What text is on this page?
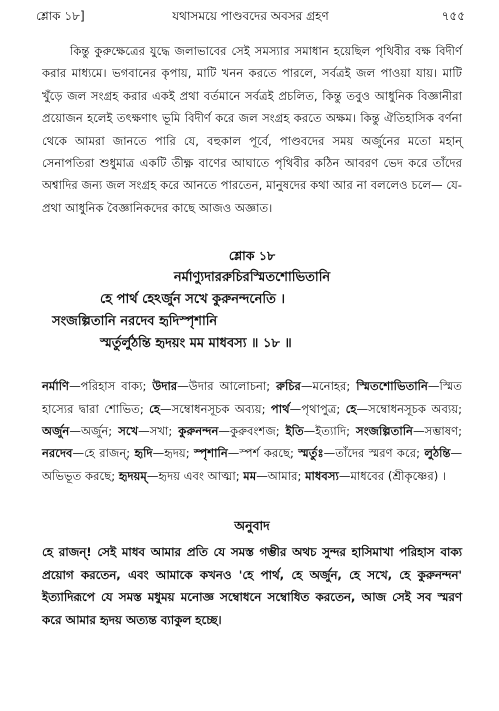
শ্লোক ১৮]	যথাসময়ে পাণ্ডবদের অবসর গ্রহণ	৭৫৫

কিন্তু কুরুক্ষেত্রের যুদ্ধে জলাভাবের সেই সমস্যার সমাধান হয়েছিল পৃথিবীর বক্ষ বিদীর্ণ করার মাধ্যমে। ভগবানের কৃপায়, মাটি খনন করতে পারলে, সর্বত্রই জল পাওয়া যায়। মাটি খুঁড়ে জল সংগ্রহ করার একই প্রথা বর্তমানে সর্বত্রই প্রচলিত, কিন্তু তবুও আধুনিক বিজ্ঞানীরা প্রয়োজন হলেই তৎক্ষণাৎ ভূমি বিদীর্ণ করে জল সংগ্রহ করতে অক্ষম। কিন্তু ঐতিহাসিক বর্ণনা থেকে আমরা জানতে পারি যে, বহুকাল পূর্বে, পাণ্ডবদের সময় অর্জুনের মতো মহান্‌ সেনাপতিরা শুধুমাত্র একটি তীক্ষ্ণ বাণের আঘাতে পৃথিবীর কঠিন আবরণ ভেদ করে তাঁদের অশ্বাদির জন্য জল সংগ্রহ করে আনতে পারতেন, মানুষদের কথা আর না বললেও চলে— যে-প্রথা আধুনিক বৈজ্ঞানিকদের কাছে আজও অজ্ঞাত।

শ্লোক ১৮
নর্মাণ্যুদাররুচিরস্মিতশোভিতানি
হে পার্থ হেঽর্জুন সখে কুরুনন্দনেতি ।
সংজল্পিতানি নরদেব হৃদিস্পৃশানি
স্মর্তুর্লুঠন্তি হৃদয়ং মম মাধবস্য ॥ ১৮ ॥

নর্মাণি—পরিহাস বাক্য; উদার—উদার আলোচনা; রুচির—মনোহর; স্মিতশোভিতানি—স্মিত হাস্যের দ্বারা শোভিত; হে—সম্বোধনসূচক অব্যয়; পার্থ—পৃথাপুত্র; হে—সম্বোধনসূচক অব্যয়; অর্জুন—অর্জুন; সখে—সখা; কুরুনন্দন—কুরুবংশজ; ইতি—ইত্যাদি; সংজল্পিতানি—সম্ভাষণ; নরদেব—হে রাজন্‌; হৃদি—হৃদয়; স্পৃশানি—স্পর্শ করছে; স্মর্তুঃ—তাঁদের স্মরণ করে; লুঠন্তি—অভিভূত করছে; হৃদয়ম্‌—হৃদয় এবং আত্মা; মম—আমার; মাধবস্য—মাধবের (শ্রীকৃষ্ণের) ।

অনুবাদ

হে রাজন্‌! সেই মাধব আমার প্রতি যে সমস্ত গম্ভীর অথচ সুন্দর হাসিমাখা পরিহাস বাক্য প্রয়োগ করতেন, এবং আমাকে কখনও 'হে পার্থ, হে অর্জুন, হে সখে, হে কুরুনন্দন' ইত্যাদিরূপে যে সমস্ত মধুময় মনোজ্ঞ সম্বোধনে সম্বোধিত করতেন, আজ সেই সব স্মরণ করে আমার হৃদয় অত্যন্ত ব্যাকুল হচ্ছে।
